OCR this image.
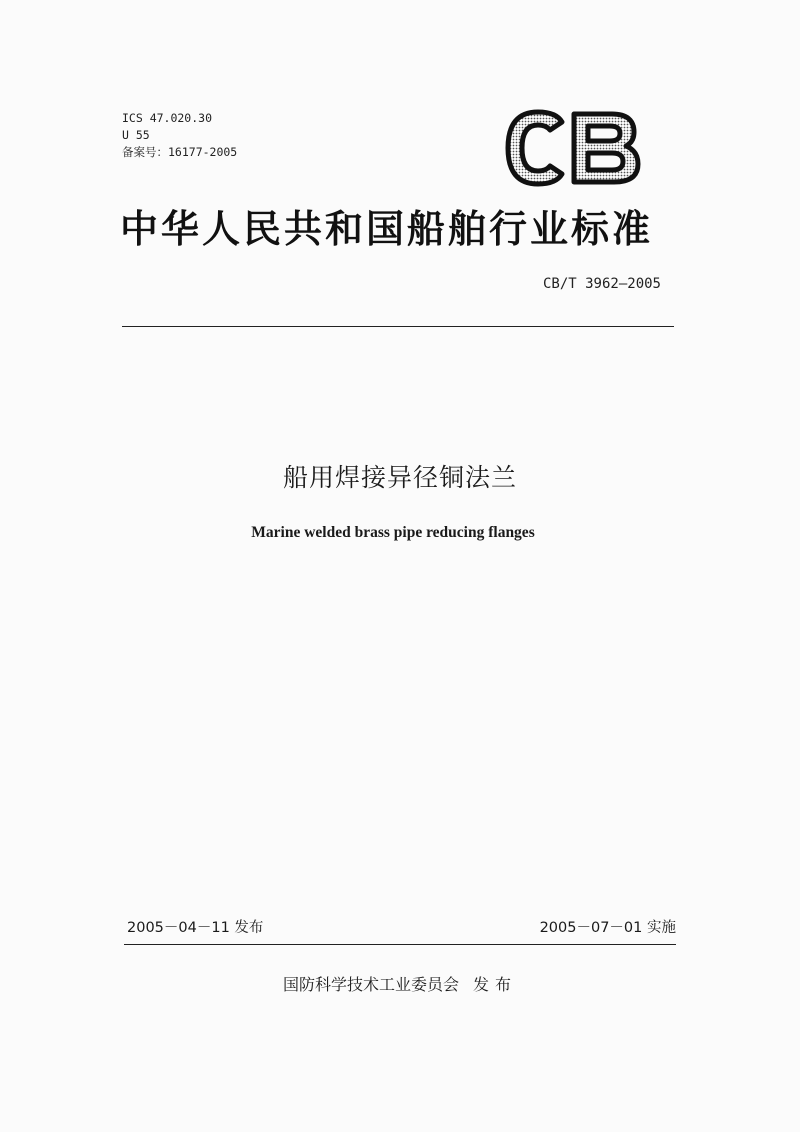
ICS 47.020.30
U 55
备案号：16177-2005
中华人民共和国船舶行业标准
CB/T 3962—2005
船用焊接异径铜法兰
Marine welded brass pipe reducing flanges
2005－04－11 发布	2005－07－01 实施
国防科学技术工业委员会 发布
